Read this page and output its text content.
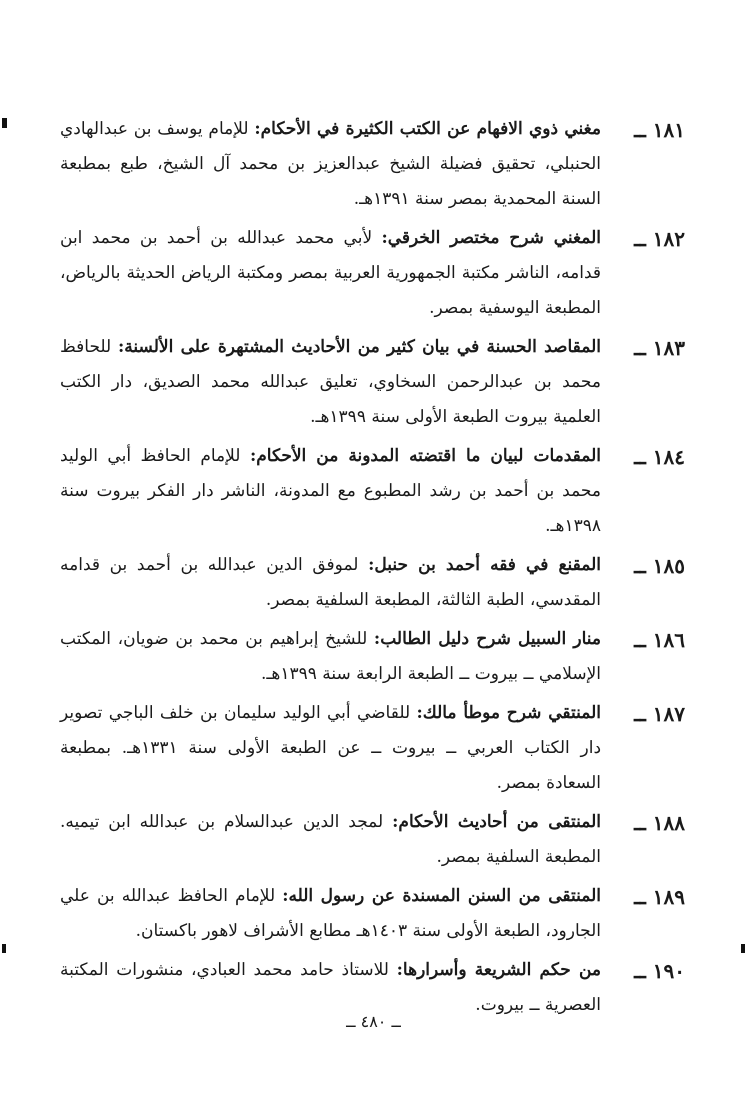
١٨١ ــ
مغني ذوي الافهام عن الكتب الكثيرة في الأحكام: للإمام يوسف بن عبدالهادي الحنبلي، تحقيق فضيلة الشيخ عبدالعزيز بن محمد آل الشيخ، طبع بمطبعة السنة المحمدية بمصر سنة ١٣٩١هـ.
١٨٢ ــ
المغني شرح مختصر الخرقي: لأبي محمد عبدالله بن أحمد بن محمد ابن قدامه، الناشر مكتبة الجمهورية العربية بمصر ومكتبة الرياض الحديثة بالرياض، المطبعة اليوسفية بمصر.
١٨٣ ــ
المقاصد الحسنة في بيان كثير من الأحاديث المشتهرة على الألسنة: للحافظ محمد بن عبدالرحمن السخاوي، تعليق عبدالله محمد الصديق، دار الكتب العلمية بيروت الطبعة الأولى سنة ١٣٩٩هـ.
١٨٤ ــ
المقدمات لبيان ما اقتضته المدونة من الأحكام: للإمام الحافظ أبي الوليد محمد بن أحمد بن رشد المطبوع مع المدونة، الناشر دار الفكر بيروت سنة ١٣٩٨هـ.
١٨٥ ــ
المقنع في فقه أحمد بن حنبل: لموفق الدين عبدالله بن أحمد بن قدامه المقدسي، الطبة الثالثة، المطبعة السلفية بمصر.
١٨٦ ــ
منار السبيل شرح دليل الطالب: للشيخ إبراهيم بن محمد بن ضويان، المكتب الإسلامي ــ بيروت ــ الطبعة الرابعة سنة ١٣٩٩هـ.
١٨٧ ــ
المنتقي شرح موطأ مالك: للقاضي أبي الوليد سليمان بن خلف الباجي تصوير دار الكتاب العربي ــ بيروت ــ عن الطبعة الأولى سنة ١٣٣١هـ. بمطبعة السعادة بمصر.
١٨٨ ــ
المنتقى من أحاديث الأحكام: لمجد الدين عبدالسلام بن عبدالله ابن تيميه. المطبعة السلفية بمصر.
١٨٩ ــ
المنتقى من السنن المسندة عن رسول الله: للإمام الحافظ عبدالله بن علي الجارود، الطبعة الأولى سنة ١٤٠٣هـ مطابع الأشراف لاهور باكستان.
١٩٠ ــ
من حكم الشريعة وأسرارها: للاستاذ حامد محمد العبادي، منشورات المكتبة العصرية ــ بيروت.
ــ ٤٨٠ ــ
